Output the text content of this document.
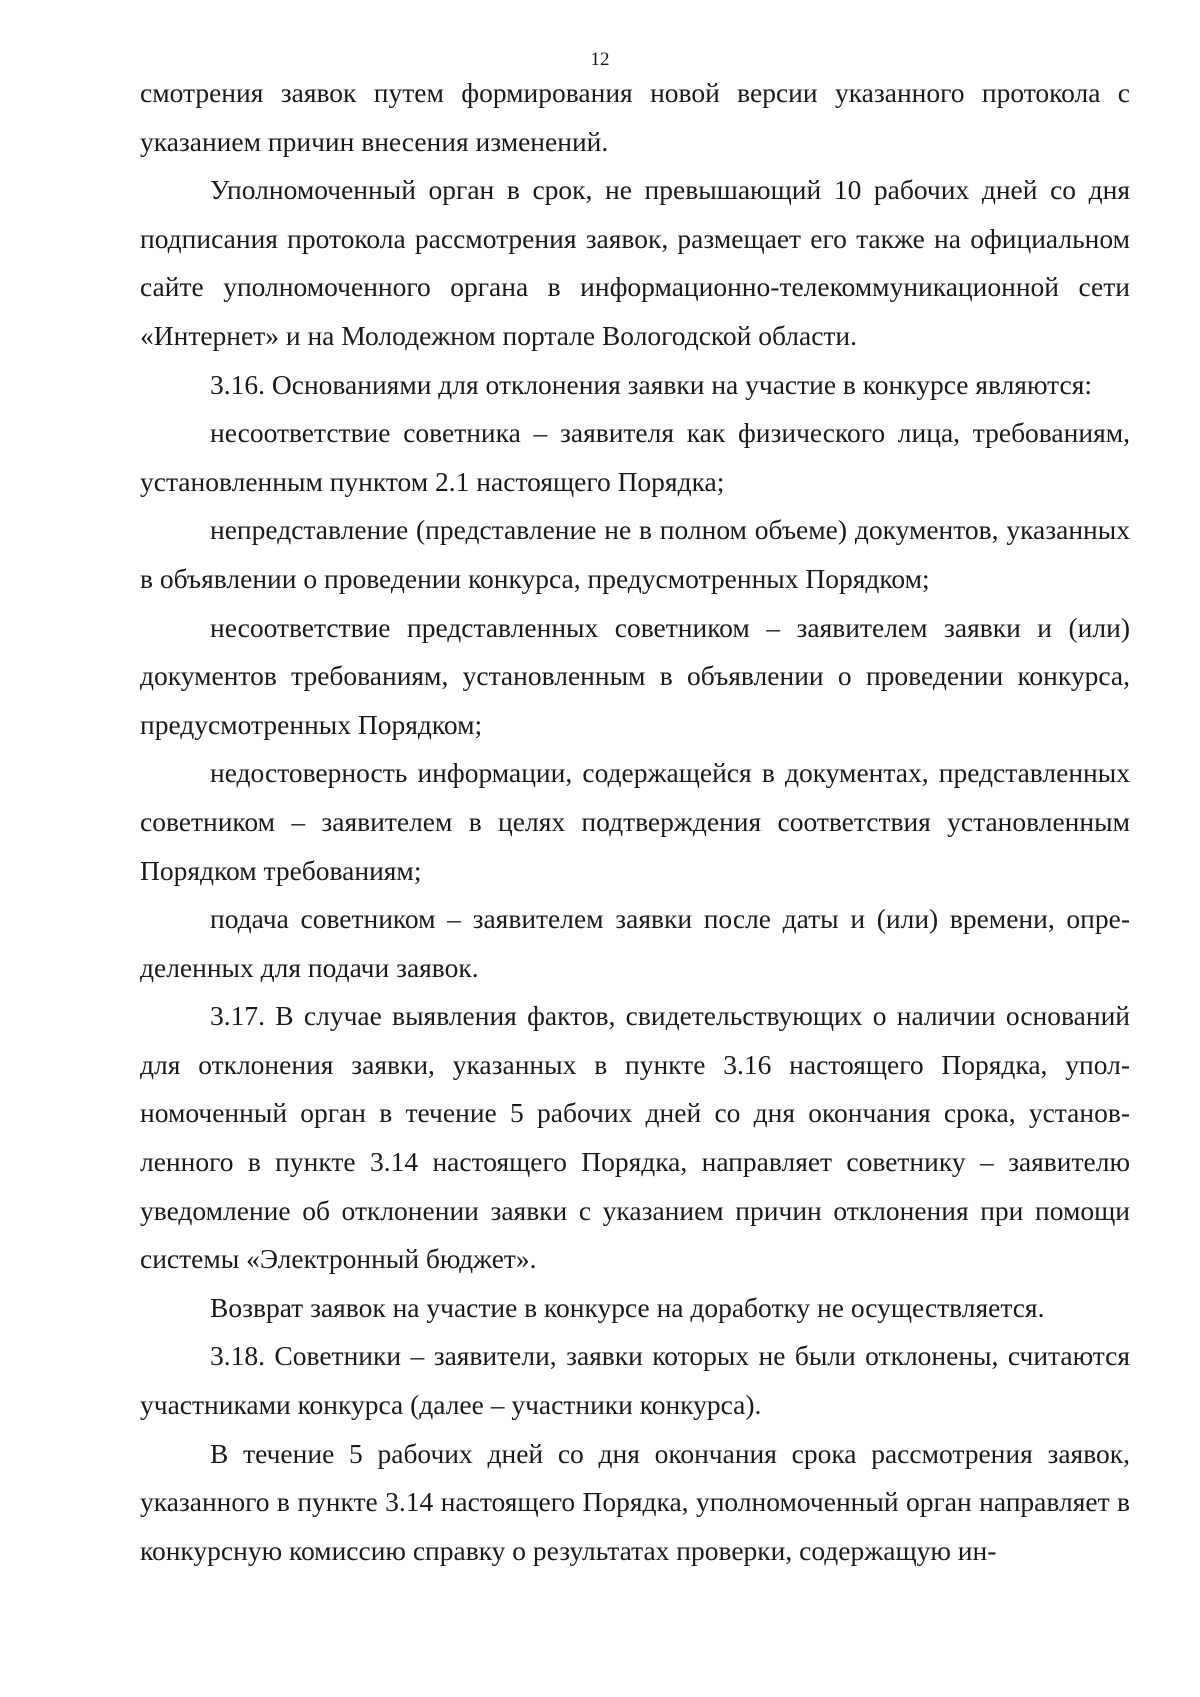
12

смотрения заявок путем формирования новой версии указанного протокола с указанием причин внесения изменений.

Уполномоченный орган в срок, не превышающий 10 рабочих дней со дня подписания протокола рассмотрения заявок, размещает его также на официальном сайте уполномоченного органа в информационно-телекоммуникационной сети «Интернет» и на Молодежном портале Вологодской области.

3.16. Основаниями для отклонения заявки на участие в конкурсе являются:

несоответствие советника – заявителя как физического лица, требованиям, установленным пунктом 2.1 настоящего Порядка;

непредставление (представление не в полном объеме) документов, указанных в объявлении о проведении конкурса, предусмотренных Порядком;

несоответствие представленных советником – заявителем заявки и (или) документов требованиям, установленным в объявлении о проведении конкурса, предусмотренных Порядком;

недостоверность информации, содержащейся в документах, представленных советником – заявителем в целях подтверждения соответствия установленным Порядком требованиям;

подача советником – заявителем заявки после даты и (или) времени, определенных для подачи заявок.

3.17. В случае выявления фактов, свидетельствующих о наличии оснований для отклонения заявки, указанных в пункте 3.16 настоящего Порядка, уполномоченный орган в течение 5 рабочих дней со дня окончания срока, установленного в пункте 3.14 настоящего Порядка, направляет советнику – заявителю уведомление об отклонении заявки с указанием причин отклонения при помощи системы «Электронный бюджет».

Возврат заявок на участие в конкурсе на доработку не осуществляется.

3.18. Советники – заявители, заявки которых не были отклонены, считаются участниками конкурса (далее – участники конкурса).

В течение 5 рабочих дней со дня окончания срока рассмотрения заявок, указанного в пункте 3.14 настоящего Порядка, уполномоченный орган направляет в конкурсную комиссию справку о результатах проверки, содержащую ин-
